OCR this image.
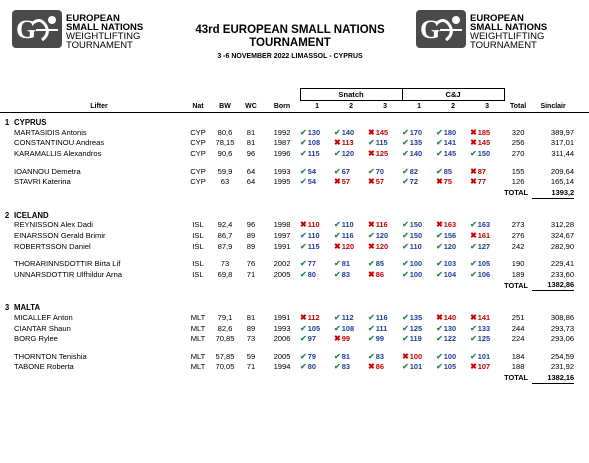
G	EUROPEAN
SMALL NATIONS
WEIGHTLIFTING
TOURNAMENT
G	EUROPEAN
SMALL NATIONS
WEIGHTLIFTING
TOURNAMENT
43rd EUROPEAN SMALL NATIONS
TOURNAMENT
3 -6 NOVEMBER 2022 LIMASSOL - CYPRUS
						Snatch			C&J					
	Lifter	Nat	BW	WC	Born	1	2	3	1	2	3	Total	Sinclair	
1	CYPRUS													
	MARTASIDIS Antonis	CYP	80,6	81	1992	✔130	✔140	✖145	✔170	✔180	✖185	320	389,97	
	CONSTANTINOU Andreas	CYP	78,15	81	1987	✔108	✖113	✔115	✔135	✔141	✖145	256	317,01	
	KARAMALLIS Alexandros	CYP	90,6	96	1996	✔115	✔120	✖125	✔140	✔145	✔150	270	311,44	

	IOANNOU Demetra	CYP	59,9	64	1993	✔54	✔67	✔70	✔82	✔85	✖87	155	209,64	
	STAVRI Katerina	CYP	63	64	1995	✔54	✖57	✖57	✔72	✖75	✖77	126	165,14	
												TOTAL	1393,2	

2	ICELAND													
	REYNISSON Alex Dadi	ISL	92,4	96	1998	✖110	✔110	✖116	✔150	✖163	✔163	273	312,28	
	EINARSSON Gerald Brimir	ISL	86,7	89	1997	✔110	✔116	✔120	✔150	✔156	✖161	276	324,67	
	ROBERTSSON Daniel	ISL	87,9	89	1991	✔115	✖120	✖120	✔110	✔120	✔127	242	282,90	

	THORARINNSDOTTIR Birta Lif	ISL	73	76	2002	✔77	✔81	✔85	✔100	✔103	✔105	190	229,41	
	UNNARSDOTTIR Ulfhildur Arna	ISL	69,8	71	2005	✔80	✔83	✖86	✔100	✔104	✔106	189	233,60	
												TOTAL	1382,86	

3	MALTA													
	MICALLEF Anton	MLT	79,1	81	1991	✖112	✔112	✔116	✔135	✖140	✖141	251	308,86	
	CIANTAR Shaun	MLT	82,6	89	1993	✔105	✔108	✔111	✔125	✔130	✔133	244	293,73	
	BORG Rylee	MLT	70,85	73	2006	✔97	✖99	✔99	✔119	✔122	✔125	224	293,06	

	THORNTON Tenishia	MLT	57,85	59	2005	✔79	✔81	✔83	✖100	✔100	✔101	184	254,59	
	TABONE Roberta	MLT	70,05	71	1994	✔80	✔83	✖86	✔101	✔105	✖107	188	231,92	
												TOTAL	1382,16	
